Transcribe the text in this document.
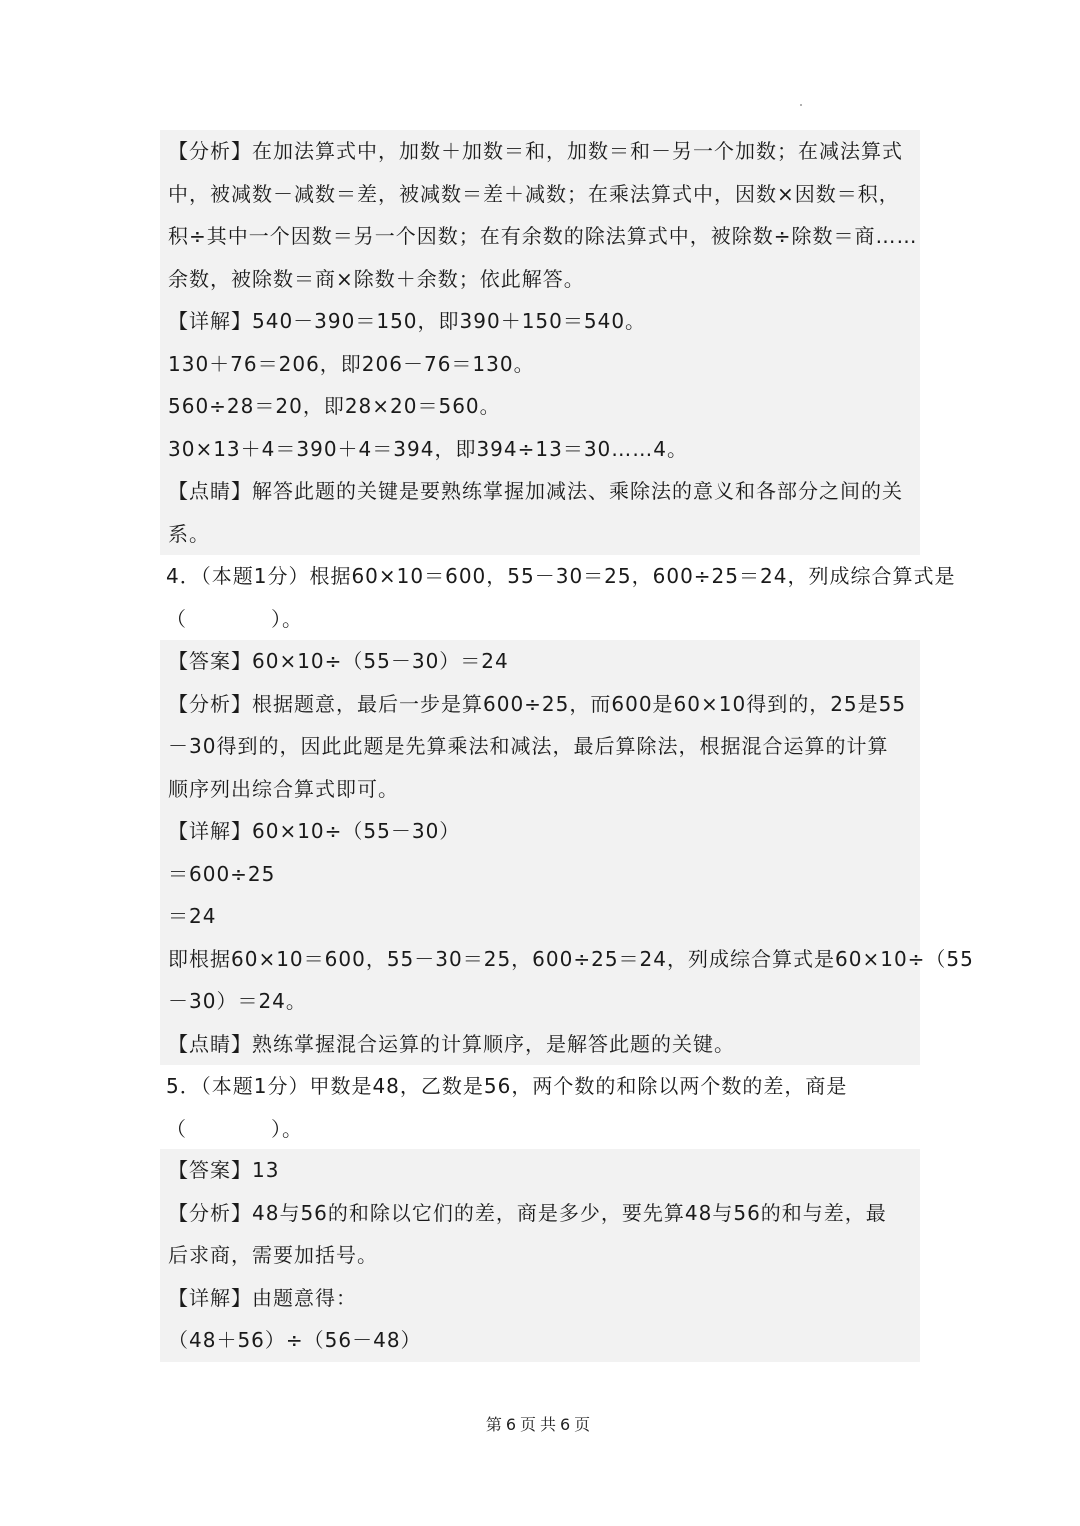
【分析】在加法算式中，加数＋加数＝和，加数＝和－另一个加数；在减法算式
中，被减数－减数＝差，被减数＝差＋减数；在乘法算式中，因数×因数＝积，
积÷其中一个因数＝另一个因数；在有余数的除法算式中，被除数÷除数＝商……
余数，被除数＝商×除数＋余数；依此解答。
【详解】540－390＝150，即390＋150＝540。
130＋76＝206，即206－76＝130。
560÷28＝20，即28×20＝560。
30×13＋4＝390＋4＝394，即394÷13＝30……4。
【点睛】解答此题的关键是要熟练掌握加减法、乘除法的意义和各部分之间的关
系。
4．（本题1分）根据60×10＝600，55－30＝25，600÷25＝24，列成综合算式是
（　　　　）。
【答案】60×10÷（55－30）＝24
【分析】根据题意，最后一步是算600÷25，而600是60×10得到的，25是55
－30得到的，因此此题是先算乘法和减法，最后算除法，根据混合运算的计算
顺序列出综合算式即可。
【详解】60×10÷（55－30）
＝600÷25
＝24
即根据60×10＝600，55－30＝25，600÷25＝24，列成综合算式是60×10÷（55
－30）＝24。
【点睛】熟练掌握混合运算的计算顺序，是解答此题的关键。
5．（本题1分）甲数是48，乙数是56，两个数的和除以两个数的差，商是
（　　　　）。
【答案】13
【分析】48与56的和除以它们的差，商是多少，要先算48与56的和与差，最
后求商，需要加括号。
【详解】由题意得：
（48＋56）÷（56－48）
第6页共6页
